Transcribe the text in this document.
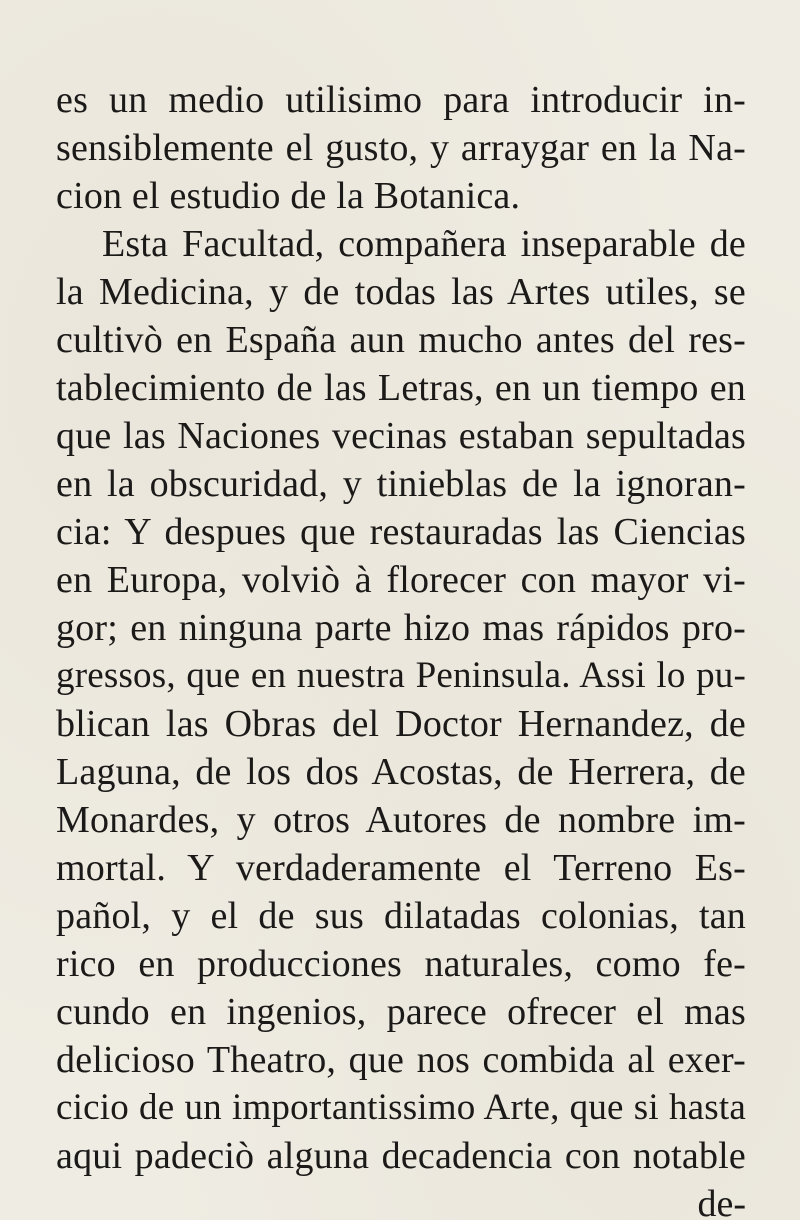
es un medio utilisimo para introducir in-
sensiblemente el gusto, y arraygar en la Na-
cion el estudio de la Botanica.
Esta Facultad, compañera inseparable de
la Medicina, y de todas las Artes utiles, se
cultivò en España aun mucho antes del res-
tablecimiento de las Letras, en un tiempo en
que las Naciones vecinas estaban sepultadas
en la obscuridad, y tinieblas de la ignoran-
cia: Y despues que restauradas las Ciencias
en Europa, volviò à florecer con mayor vi-
gor; en ninguna parte hizo mas rápidos pro-
gressos, que en nuestra Peninsula. Assi lo pu-
blican las Obras del Doctor Hernandez, de
Laguna, de los dos Acostas, de Herrera, de
Monardes, y otros Autores de nombre im-
mortal. Y verdaderamente el Terreno Es-
pañol, y el de sus dilatadas colonias, tan
rico en producciones naturales, como fe-
cundo en ingenios, parece ofrecer el mas
delicioso Theatro, que nos combida al exer-
cicio de un importantissimo Arte, que si hasta
aqui padeciò alguna decadencia con notable
de-
